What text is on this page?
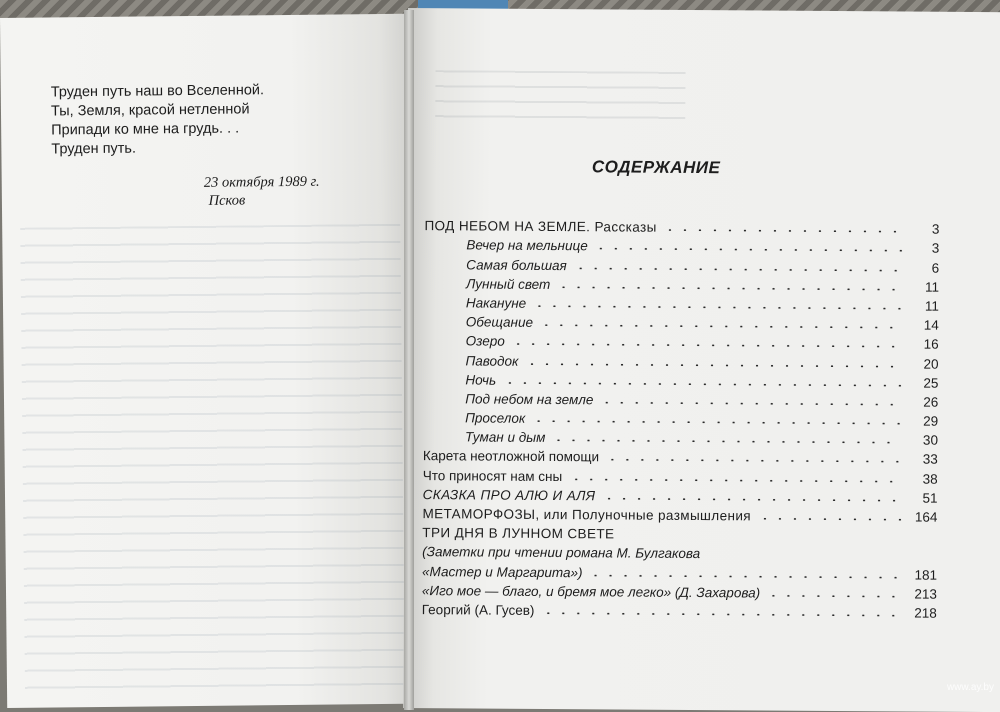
Труден путь наш во Вселенной.
Ты, Земля, красой нетленной
Припади ко мне на грудь. . .
Труден путь.
23 октября 1989 г.
Псков
СОДЕРЖАНИЕ
ПОД НЕБОМ НА ЗЕМЛЕ. Рассказы	3
Вечер на мельнице	3
Самая большая	6
Лунный свет	11
Накануне	11
Обещание	14
Озеро	16
Паводок	20
Ночь	25
Под небом на земле	26
Проселок	29
Туман и дым	30
Карета неотложной помощи	33
Что приносят нам сны	38
СКАЗКА ПРО АЛЮ И АЛЯ	51
МЕТАМОРФОЗЫ, или Полуночные размышления	164
ТРИ ДНЯ В ЛУННОМ СВЕТЕ
(Заметки при чтении романа М. Булгакова
«Мастер и Маргарита»)	181
«Иго мое — благо, и бремя мое легко» (Д. Захарова)	213
Георгий (А. Гусев)	218
www.ay.by
